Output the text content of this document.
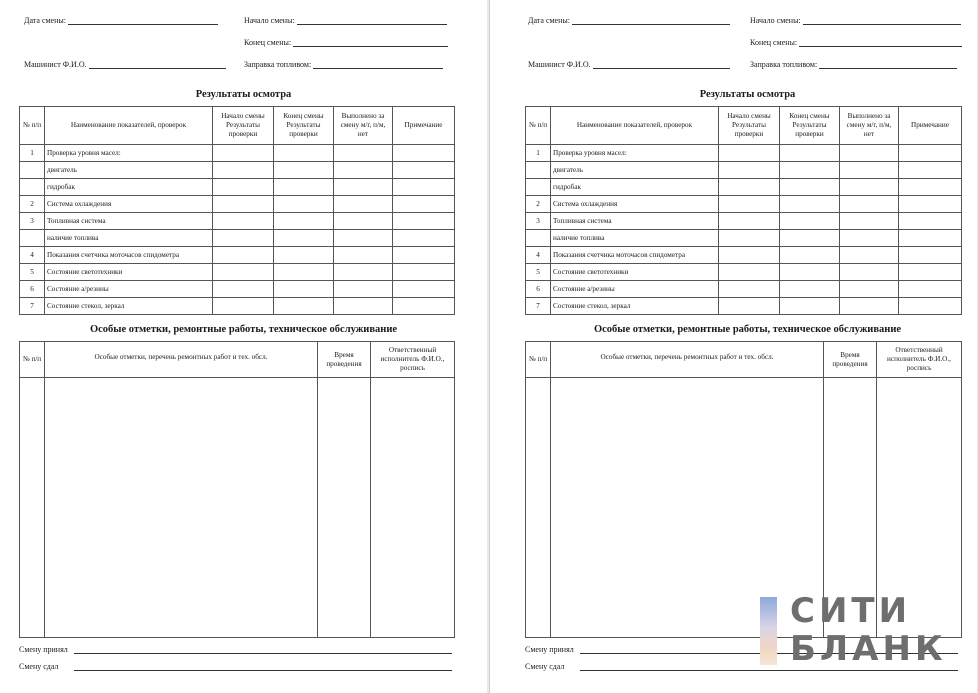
Дата смены:	Начало смены:
Конец смены:
Машинист Ф.И.О.	Заправка топливом:
Результаты осмотра
№ п/п	Наименование показателей, проверок	Начало смены Результаты проверки	Конец смены Результаты проверки	Выполнено за смену м/г, п/м, нет	Примечание
1	Проверка уровня масел:				
	двигатель				
	гидробак				
2	Система охлаждения				
3	Топливная система				
	наличие топлива				
4	Показания счетчика моточасов спидометра				
5	Состояние светотехники				
6	Состояние а/резины				
7	Состояние стекол, зеркал				
Особые отметки, ремонтные работы, техническое обслуживание
№ п/п	Особые отметки, перечень ремонтных работ и тех. обсл.	Время проведения	Ответственный исполнитель Ф.И.О., роспись

Смену принял
Смену сдал
Дата смены:	Начало смены:
Конец смены:
Машинист Ф.И.О.	Заправка топливом:
Результаты осмотра
№ п/п	Наименование показателей, проверок	Начало смены Результаты проверки	Конец смены Результаты проверки	Выполнено за смену м/г, п/м, нет	Примечание
1	Проверка уровня масел:				
	двигатель				
	гидробак				
2	Система охлаждения				
3	Топливная система				
	наличие топлива				
4	Показания счетчика моточасов спидометра				
5	Состояние светотехники				
6	Состояние а/резины				
7	Состояние стекол, зеркал				
Особые отметки, ремонтные работы, техническое обслуживание
№ п/п	Особые отметки, перечень ремонтных работ и тех. обсл.	Время проведения	Ответственный исполнитель Ф.И.О., роспись

Смену принял
Смену сдал
СИТИ
БЛАНК
